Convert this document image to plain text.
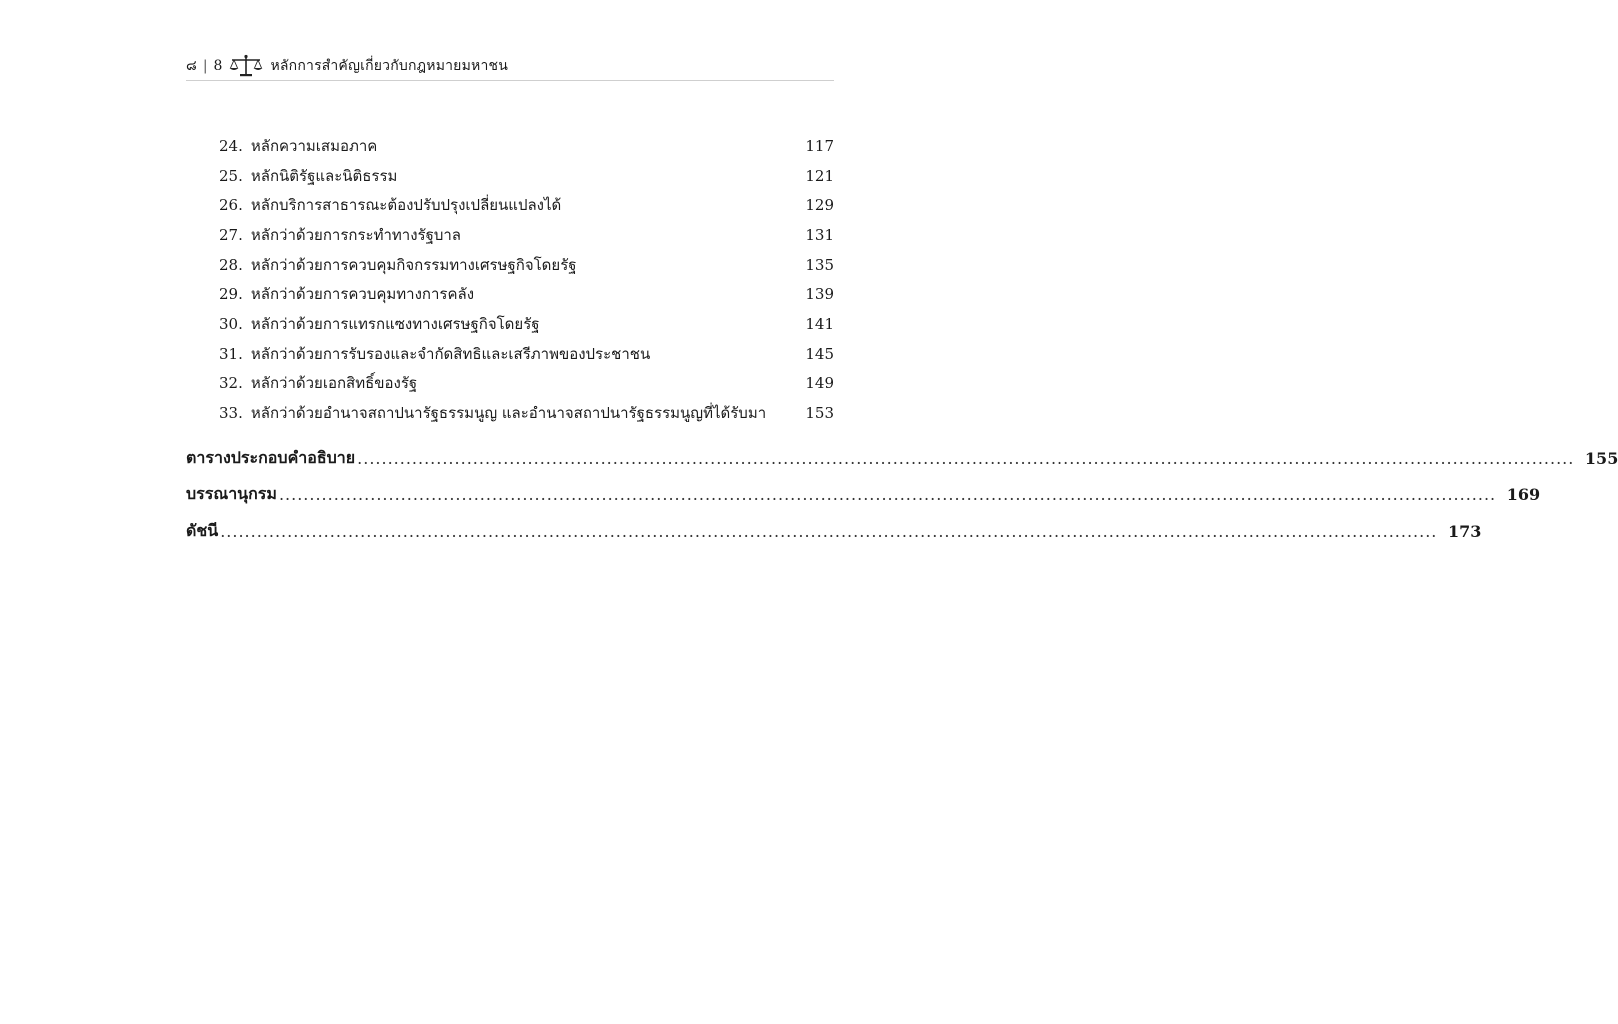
๘ | 8	หลักการสำคัญเกี่ยวกับกฎหมายมหาชน
24. หลักความเสมอภาค	117
25. หลักนิติรัฐและนิติธรรม	121
26. หลักบริการสาธารณะต้องปรับปรุงเปลี่ยนแปลงได้	129
27. หลักว่าด้วยการกระทำทางรัฐบาล	131
28. หลักว่าด้วยการควบคุมกิจกรรมทางเศรษฐกิจโดยรัฐ	135
29. หลักว่าด้วยการควบคุมทางการคลัง	139
30. หลักว่าด้วยการแทรกแซงทางเศรษฐกิจโดยรัฐ	141
31. หลักว่าด้วยการรับรองและจำกัดสิทธิและเสรีภาพของประชาชน	145
32. หลักว่าด้วยเอกสิทธิ์ของรัฐ	149
33. หลักว่าด้วยอำนาจสถาปนารัฐธรรมนูญ และอำนาจสถาปนารัฐธรรมนูญที่ได้รับมา	153
ตารางประกอบคำอธิบาย ........................................................................................................................................................................................................ 155
บรรณานุกรม ........................................................................................................................................................................................................ 169
ดัชนี ........................................................................................................................................................................................................ 173
